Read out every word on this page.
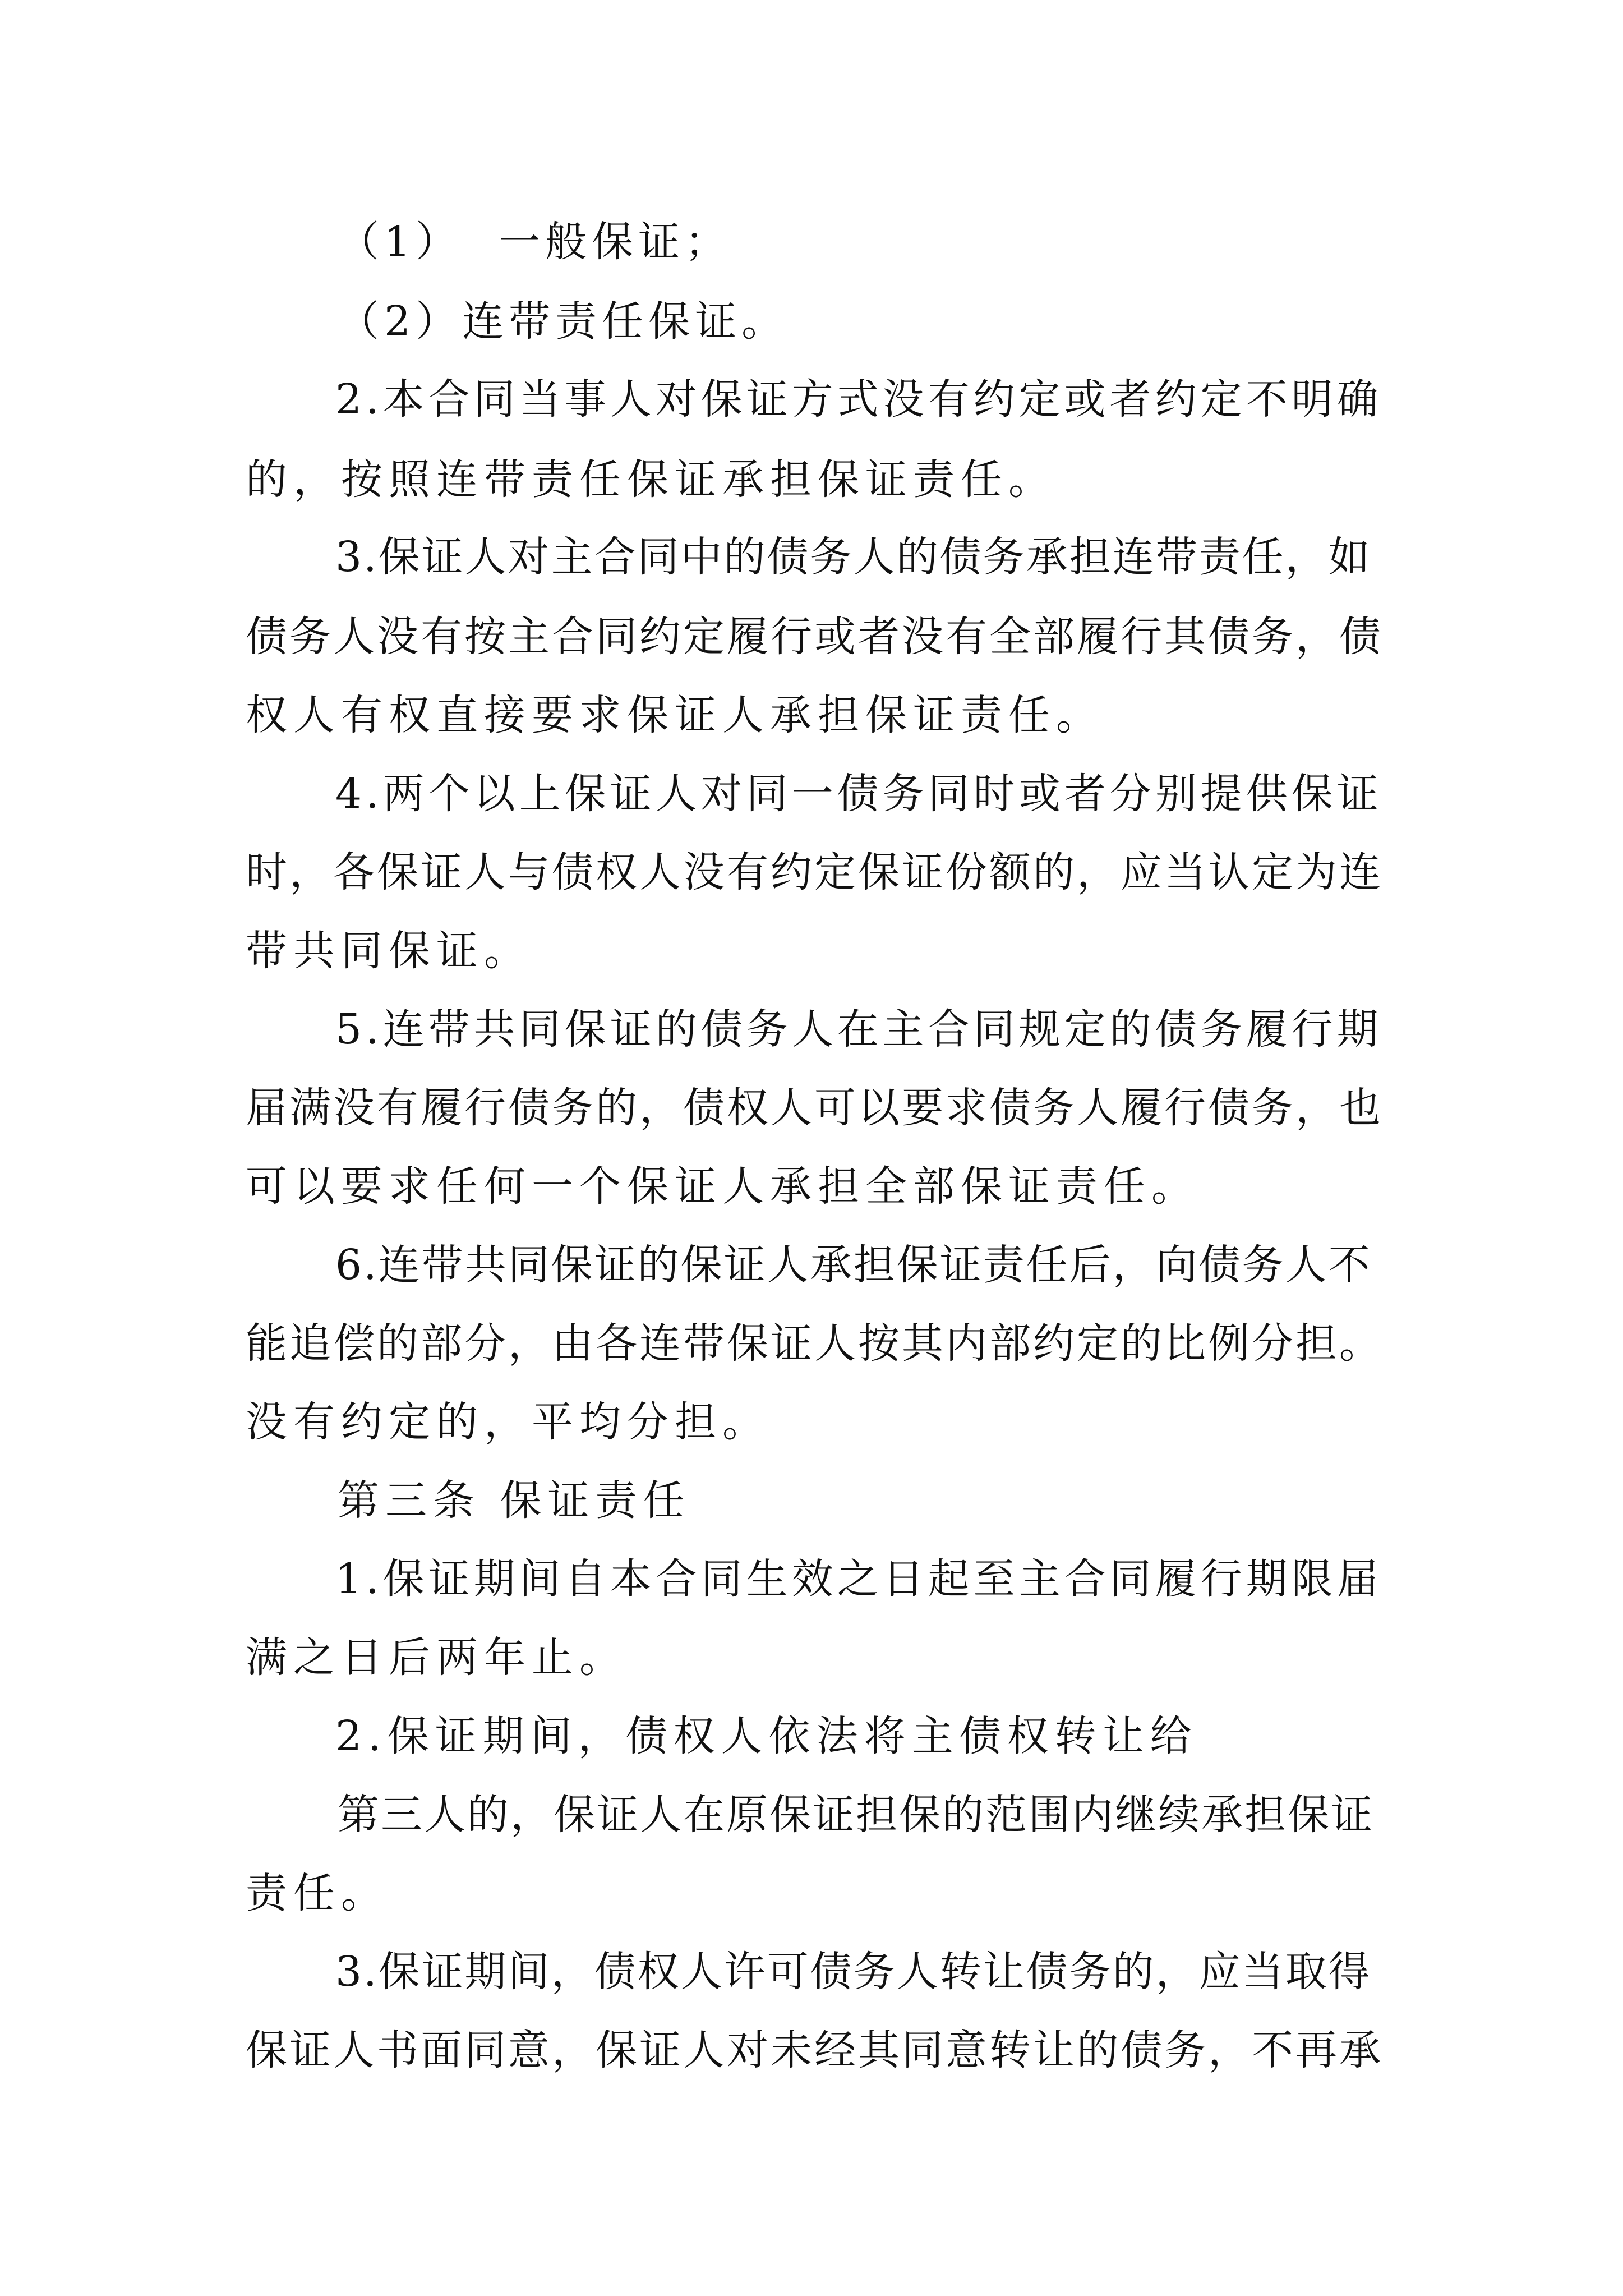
（1）  一般保证；
（2）连带责任保证。
2.本合同当事人对保证方式没有约定或者约定不明确
的，按照连带责任保证承担保证责任。
3.保证人对主合同中的债务人的债务承担连带责任，如
债务人没有按主合同约定履行或者没有全部履行其债务，债
权人有权直接要求保证人承担保证责任。
4.两个以上保证人对同一债务同时或者分别提供保证
时，各保证人与债权人没有约定保证份额的，应当认定为连
带共同保证。
5.连带共同保证的债务人在主合同规定的债务履行期
届满没有履行债务的，债权人可以要求债务人履行债务，也
可以要求任何一个保证人承担全部保证责任。
6.连带共同保证的保证人承担保证责任后，向债务人不
能追偿的部分，由各连带保证人按其内部约定的比例分担。
没有约定的，平均分担。
第三条 保证责任
1.保证期间自本合同生效之日起至主合同履行期限届
满之日后两年止。
2.保证期间，债权人依法将主债权转让给
第三人的，保证人在原保证担保的范围内继续承担保证
责任。
3.保证期间，债权人许可债务人转让债务的，应当取得
保证人书面同意，保证人对未经其同意转让的债务，不再承
